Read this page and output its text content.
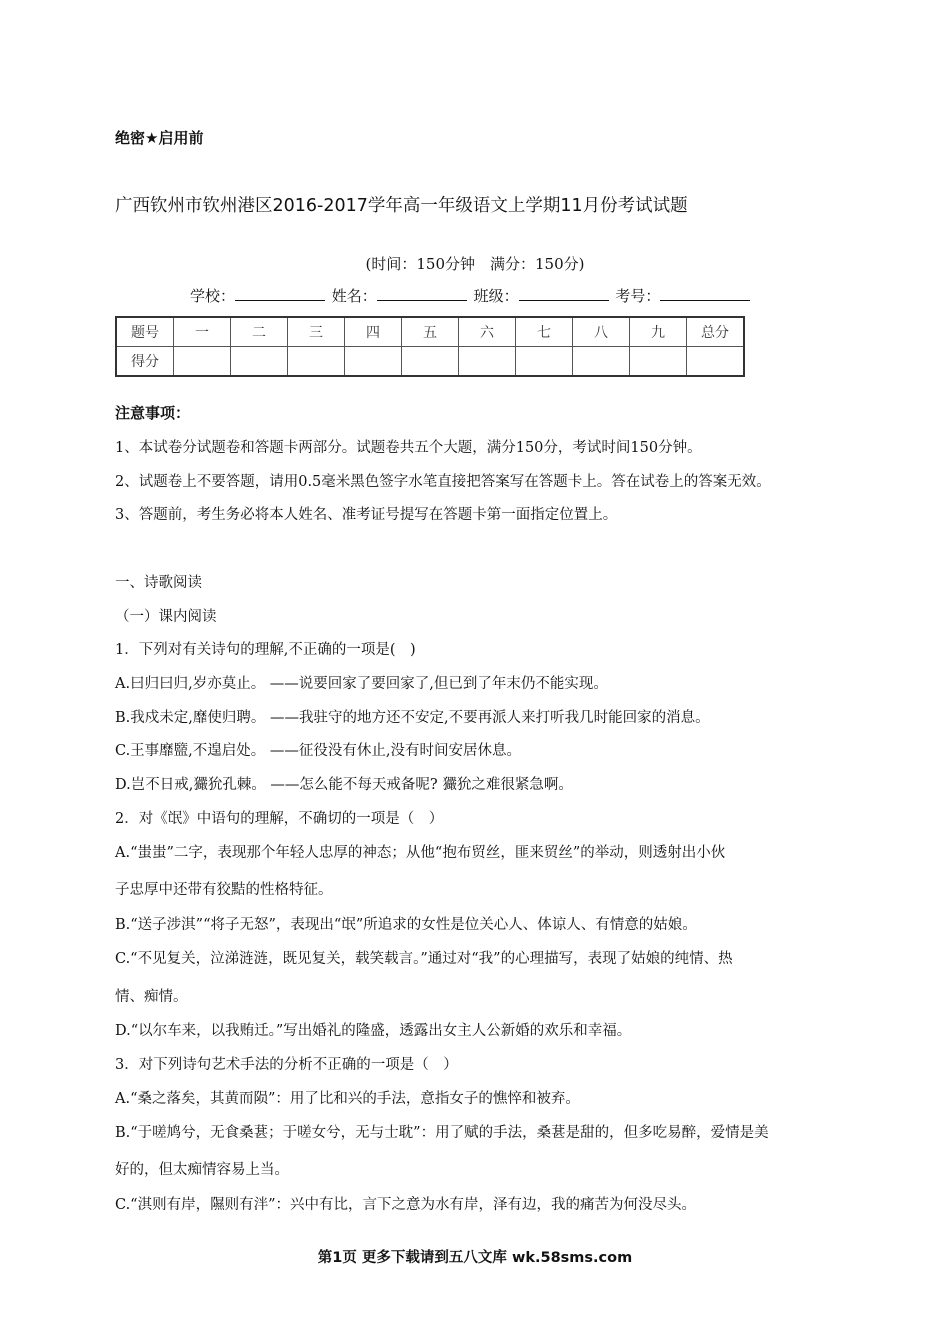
绝密★启用前
广西钦州市钦州港区2016-2017学年高一年级语文上学期11月份考试试题
(时间：150分钟　满分：150分)
学校：	姓名：	班级：	考号：
题号	一	二	三	四	五	六	七	八	九	总分
得分										
注意事项：
1、本试卷分试题卷和答题卡两部分。试题卷共五个大题，满分150分，考试时间150分钟。
2、试题卷上不要答题，请用0.5毫米黑色签字水笔直接把答案写在答题卡上。答在试卷上的答案无效。
3、答题前，考生务必将本人姓名、准考证号提写在答题卡第一面指定位置上。
一、诗歌阅读
（一）课内阅读
1．下列对有关诗句的理解,不正确的一项是(　)
A.曰归曰归,岁亦莫止。 ——说要回家了要回家了,但已到了年末仍不能实现。
B.我戍未定,靡使归聘。 ——我驻守的地方还不安定,不要再派人来打听我几时能回家的消息。
C.王事靡盬,不遑启处。 ——征役没有休止,没有时间安居休息。
D.岂不日戒,玁狁孔棘。 ——怎么能不每天戒备呢? 玁狁之难很紧急啊。
2．对《氓》中语句的理解，不确切的一项是（　）
A.“蚩蚩”二字，表现那个年轻人忠厚的神态；从他“抱布贸丝，匪来贸丝”的举动，则透射出小伙
子忠厚中还带有狡黠的性格特征。
B.“送子涉淇”“将子无怒”，表现出“氓”所追求的女性是位关心人、体谅人、有情意的姑娘。
C.“不见复关，泣涕涟涟，既见复关，载笑载言。”通过对“我”的心理描写，表现了姑娘的纯情、热
情、痴情。
D.“以尔车来，以我贿迁。”写出婚礼的隆盛，透露出女主人公新婚的欢乐和幸福。
3．对下列诗句艺术手法的分析不正确的一项是（　）
A.“桑之落矣，其黄而陨”：用了比和兴的手法，意指女子的憔悴和被弃。
B.“于嗟鸠兮，无食桑葚；于嗟女兮，无与士耽”：用了赋的手法，桑葚是甜的，但多吃易醉，爱情是美
好的，但太痴情容易上当。
C.“淇则有岸，隰则有泮”：兴中有比，言下之意为水有岸，泽有边，我的痛苦为何没尽头。
第1页 更多下载请到五八文库 wk.58sms.com
